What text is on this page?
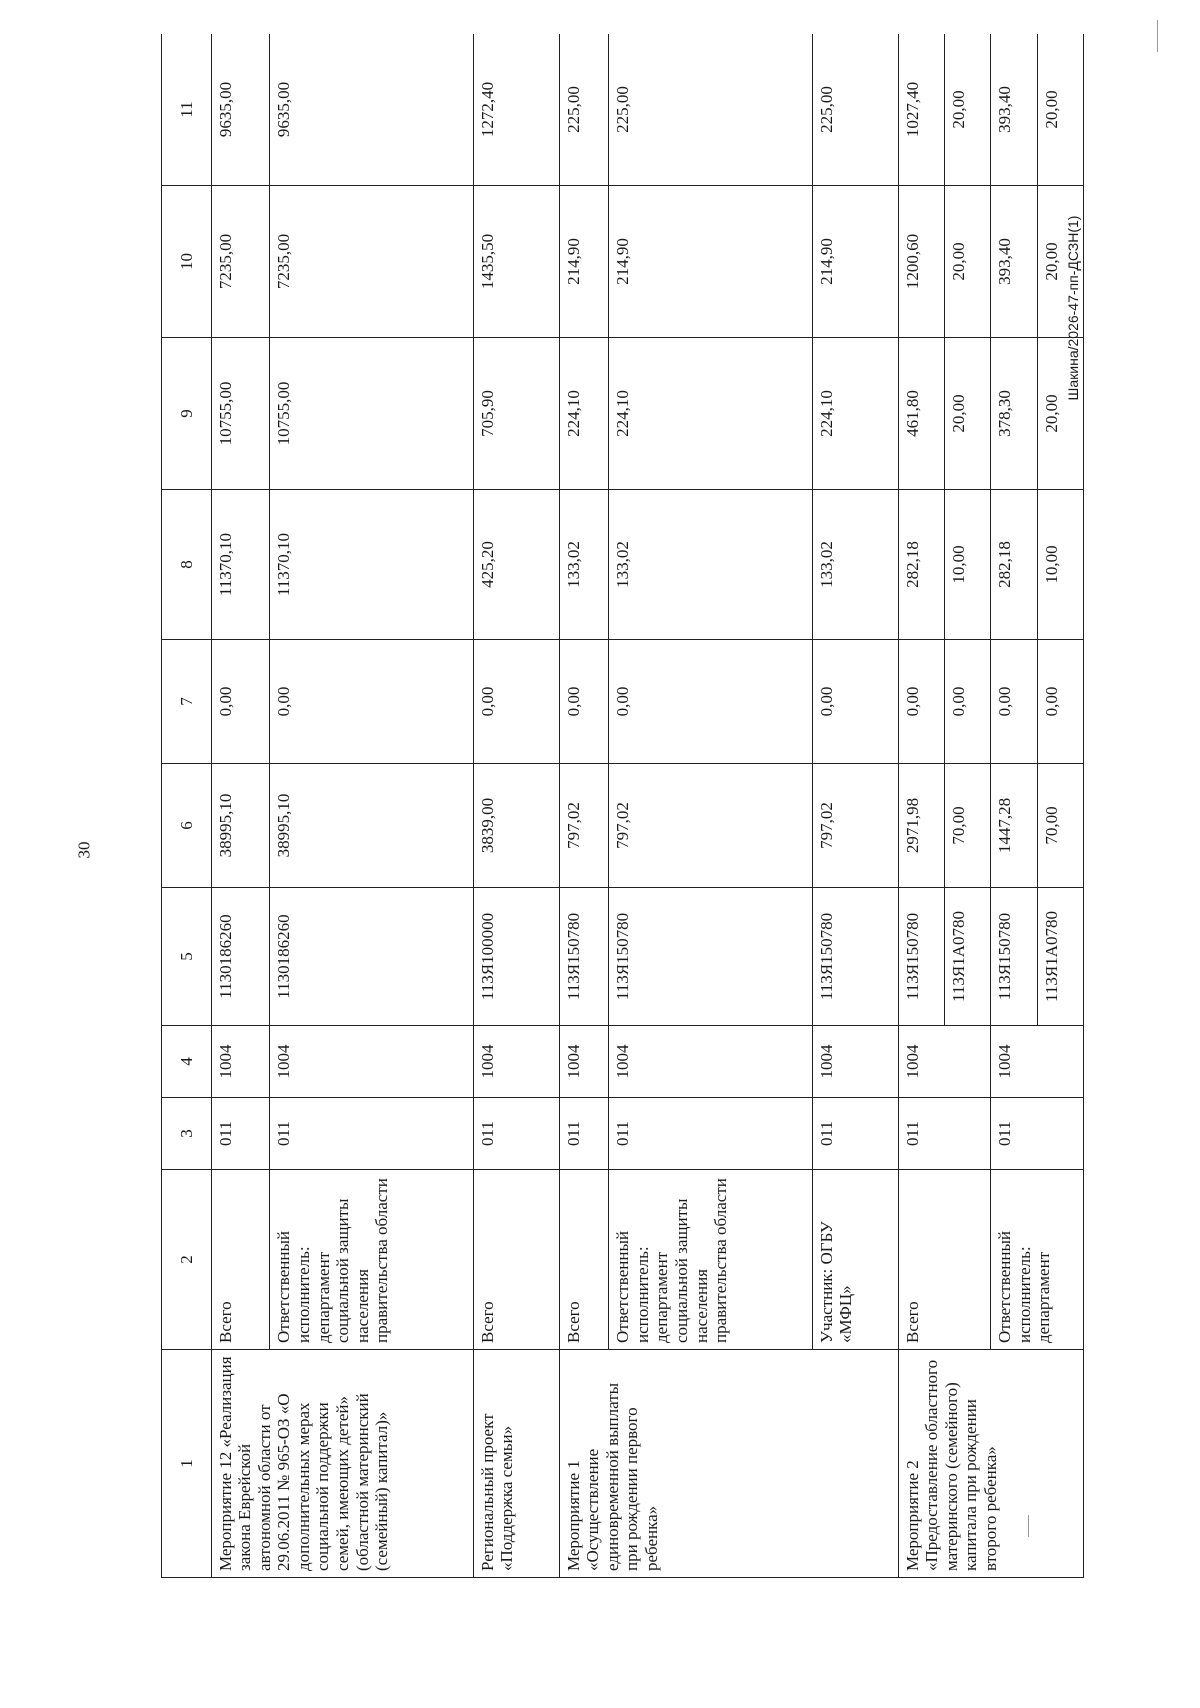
30
Шакина/2026-47-пп-ДСЗН(1)
1	2	3	4	5	6	7	8	9	10	11
Мероприятие 12 «Реализация закона Еврейской автономной области от 29.06.2011 № 965-ОЗ «О дополнительных мерах социальной поддержки семей, имеющих детей» (областной материнский (семейный) капитал)»	Всего	011	1004	1130186260	38995,10	0,00	11370,10	10755,00	7235,00	9635,00
	Ответственный исполнитель: департамент социальной защиты населения правительства области	011	1004	1130186260	38995,10	0,00	11370,10	10755,00	7235,00	9635,00
Региональный проект «Поддержка семьи»	Всего	011	1004	113Я100000	3839,00	0,00	425,20	705,90	1435,50	1272,40
Мероприятие 1 «Осуществление единовременной выплаты при рождении первого ребенка»	Всего	011	1004	113Я150780	797,02	0,00	133,02	224,10	214,90	225,00
	Ответственный исполнитель: департамент социальной защиты населения правительства области	011	1004	113Я150780	797,02	0,00	133,02	224,10	214,90	225,00
	Участник: ОГБУ «МФЦ»	011	1004	113Я150780	797,02	0,00	133,02	224,10	214,90	225,00
Мероприятие 2 «Предоставление областного материнского (семейного) капитала при рождении второго ребенка»	Всего	011	1004	113Я150780	2971,98	0,00	282,18	461,80	1200,60	1027,40
				113Я1А0780	70,00	0,00	10,00	20,00	20,00	20,00
	Ответственный исполнитель: департамент	011	1004	113Я150780	1447,28	0,00	282,18	378,30	393,40	393,40
				113Я1А0780	70,00	0,00	10,00	20,00	20,00	20,00
